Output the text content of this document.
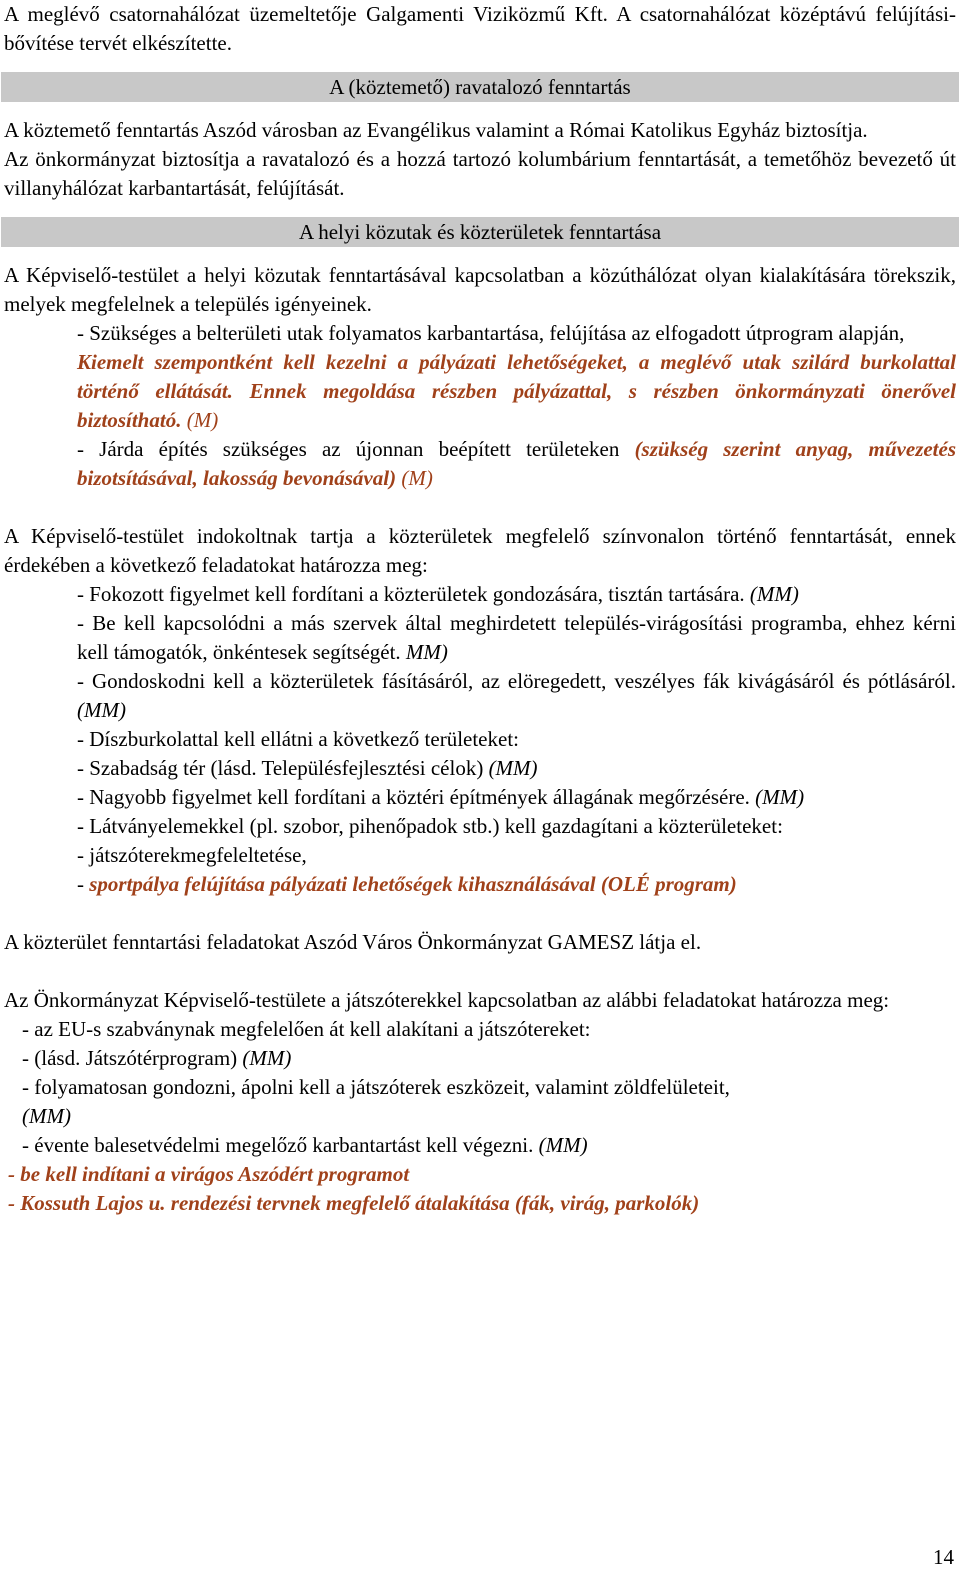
A meglévő csatornahálózat üzemeltetője Galgamenti Viziközmű Kft. A csatornahálózat középtávú felújítási-bővítése tervét elkészítette.

A (köztemető) ravatalozó fenntartás

A köztemető fenntartás Aszód városban az Evangélikus valamint a Római Katolikus Egyház biztosítja.

Az önkormányzat biztosítja a ravatalozó és a hozzá tartozó kolumbárium fenntartását, a temetőhöz bevezető út villanyhálózat karbantartását, felújítását.

A helyi közutak és közterületek fenntartása

A Képviselő-testület a helyi közutak fenntartásával kapcsolatban a közúthálózat olyan kialakítására törekszik, melyek megfelelnek a település igényeinek.

- Szükséges a belterületi utak folyamatos karbantartása, felújítása az elfogadott útprogram alapján,

Kiemelt szempontként kell kezelni a pályázati lehetőségeket, a meglévő utak szilárd burkolattal történő ellátását. Ennek megoldása részben pályázattal, s részben önkormányzati önerővel biztosítható. (M)

- Járda építés szükséges az újonnan beépített területeken (szükség szerint anyag, művezetés bizotsításával, lakosság bevonásával) (M)

A Képviselő-testület indokoltnak tartja a közterületek megfelelő színvonalon történő fenntartását, ennek érdekében a következő feladatokat határozza meg:

- Fokozott figyelmet kell fordítani a közterületek gondozására, tisztán tartására. (MM)

- Be kell kapcsolódni a más szervek által meghirdetett település-virágosítási programba, ehhez kérni kell támogatók, önkéntesek segítségét. MM)

- Gondoskodni kell a közterületek fásításáról, az elöregedett, veszélyes fák kivágásáról és pótlásáról. (MM)

- Díszburkolattal kell ellátni a következő területeket:

- Szabadság tér (lásd. Településfejlesztési célok) (MM)

- Nagyobb figyelmet kell fordítani a köztéri építmények állagának megőrzésére. (MM)

- Látványelemekkel (pl. szobor, pihenőpadok stb.) kell gazdagítani a közterületeket:

- játszóterekmegfeleltetése,

- sportpálya felújítása pályázati lehetőségek kihasználásával (OLÉ program)

A közterület fenntartási feladatokat Aszód Város Önkormányzat GAMESZ látja el.

Az Önkormányzat Képviselő-testülete a játszóterekkel kapcsolatban az alábbi feladatokat határozza meg:

- az EU-s szabványnak megfelelően át kell alakítani a játszótereket:

- (lásd. Játszótérprogram) (MM)

- folyamatosan gondozni, ápolni kell a játszóterek eszközeit, valamint zöldfelületeit,
(MM)

- évente balesetvédelmi megelőző karbantartást kell végezni. (MM)

- be kell indítani a virágos Aszódért programot

- Kossuth Lajos u. rendezési tervnek megfelelő átalakítása (fák, virág, parkolók)

14
